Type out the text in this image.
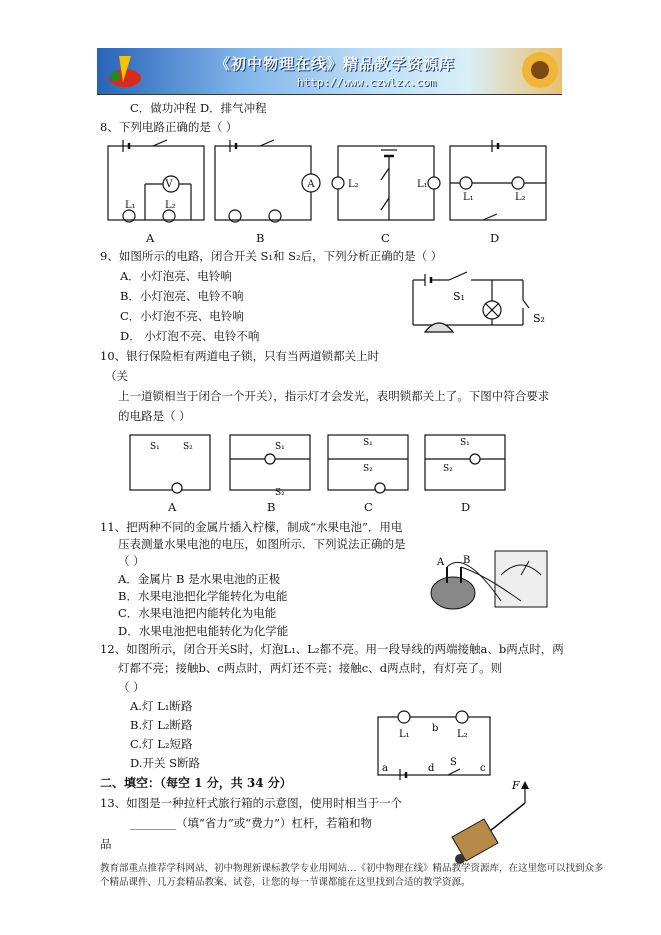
《初中物理在线》精品教学资源库
http://www.czwlzx.com
C．做功冲程 D．排气冲程
8、下列电路正确的是（ ）
V	A
L₁	L₂
L₂	L₁
L₁	L₂
A	B	C	D
9、如图所示的电路，闭合开关 S₁和 S₂后，下列分析正确的是（ ）
A．小灯泡亮、电铃响
B．小灯泡亮、电铃不响
C．小灯泡不亮、电铃响
D． 小灯泡不亮、电铃不响
S₁
S₂
10、银行保险柜有两道电子锁，只有当两道锁都关上时
（关
上一道锁相当于闭合一个开关），指示灯才会发光，表明锁都关上了。下图中符合要求
的电路是（ ）
S₁	S₂	S₁
S₂
S₁
S₂
S₁
S₂
A	B	C	D
11、把两种不同的金属片插入柠檬，制成“水果电池”．用电
压表测量水果电池的电压，如图所示．下列说法正确的是
（ ）
A．金属片 B 是水果电池的正极
B．水果电池把化学能转化为电能
C．水果电池把内能转化为电能
D．水果电池把电能转化为化学能
A B
12、如图所示，闭合开关S时，灯泡L₁、L₂都不亮。用一段导线的两端接触a、b两点时，两
灯都不亮；接触b、c两点时，两灯还不亮；接触c、d两点时，有灯亮了。则
（ ）
A.灯 L₁断路
B.灯 L₂断路
C.灯 L₂短路
D.开关 S断路
L₁	L₂
b
a	d
S
c
二、填空：（每空 1 分，共 34 分）
13、如图是一种拉杆式旅行箱的示意图，使用时相当于一个
________（填“省力”或“费力”）杠杆，若箱和物
品
F
教育部重点推荐学科网站、初中物理新课标教学专业用网站…《初中物理在线》精品教学资源库，在这里您可以找到众多
个精品课件、几万套精品教案、试卷，让您的每一节课都能在这里找到合适的教学资源。
